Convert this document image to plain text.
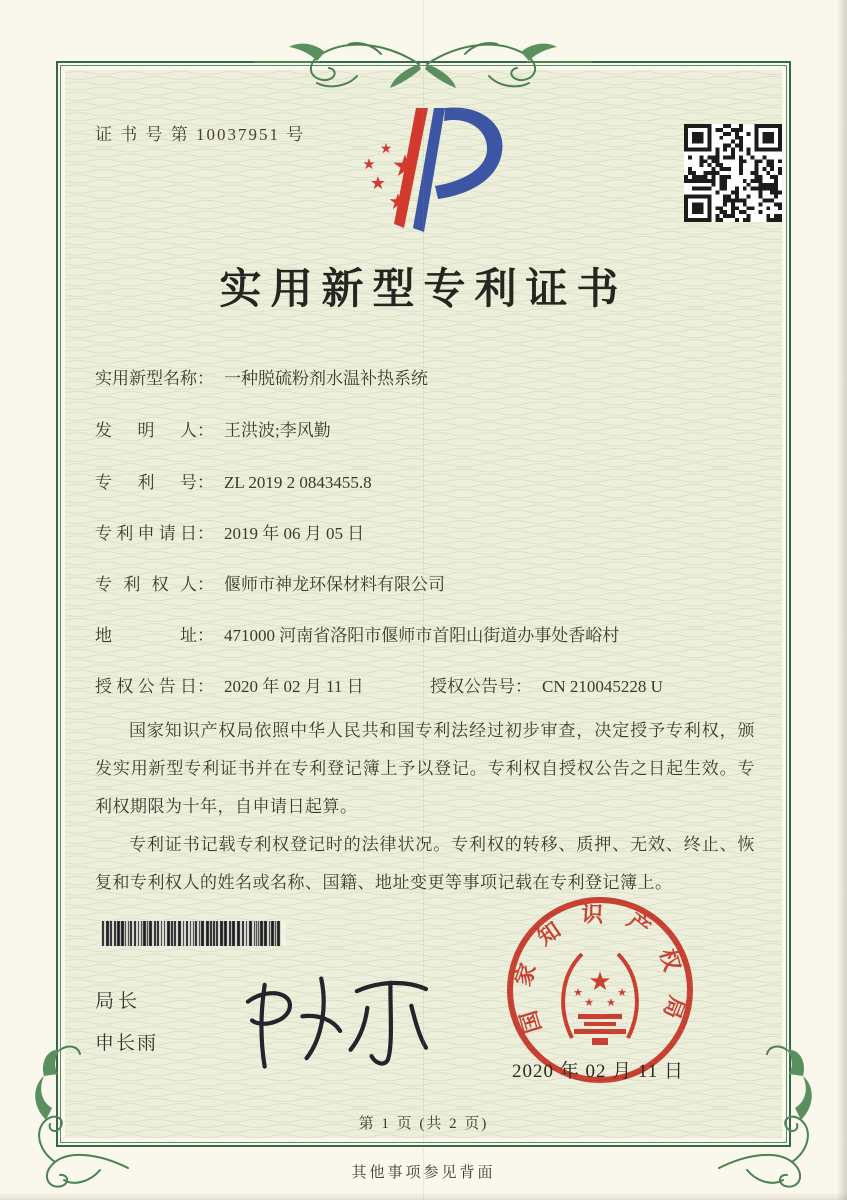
证 书 号 第 10037951 号
★
★
★
★
★
实用新型专利证书
实用新型名称： 一种脱硫粉剂水温补热系统
发明人： 王洪波;李风勤
专利号： ZL 2019 2 0843455.8
专利申请日： 2019 年 06 月 05 日
专利权人： 偃师市神龙环保材料有限公司
地址： 471000 河南省洛阳市偃师市首阳山街道办事处香峪村
授权公告日： 2020 年 02 月 11 日	授权公告号： CN 210045228 U

国家知识产权局依照中华人民共和国专利法经过初步审查，决定授予专利权，颁发实用新型专利证书并在专利登记簿上予以登记。专利权自授权公告之日起生效。专利权期限为十年，自申请日起算。

专利证书记载专利权登记时的法律状况。专利权的转移、质押、无效、终止、恢复和专利权人的姓名或名称、国籍、地址变更等事项记载在专利登记簿上。

局长
申长雨
国家知识产权局
★
★
★ ★
★
2020 年 02 月 11 日
第 1 页 (共 2 页)
其他事项参见背面
